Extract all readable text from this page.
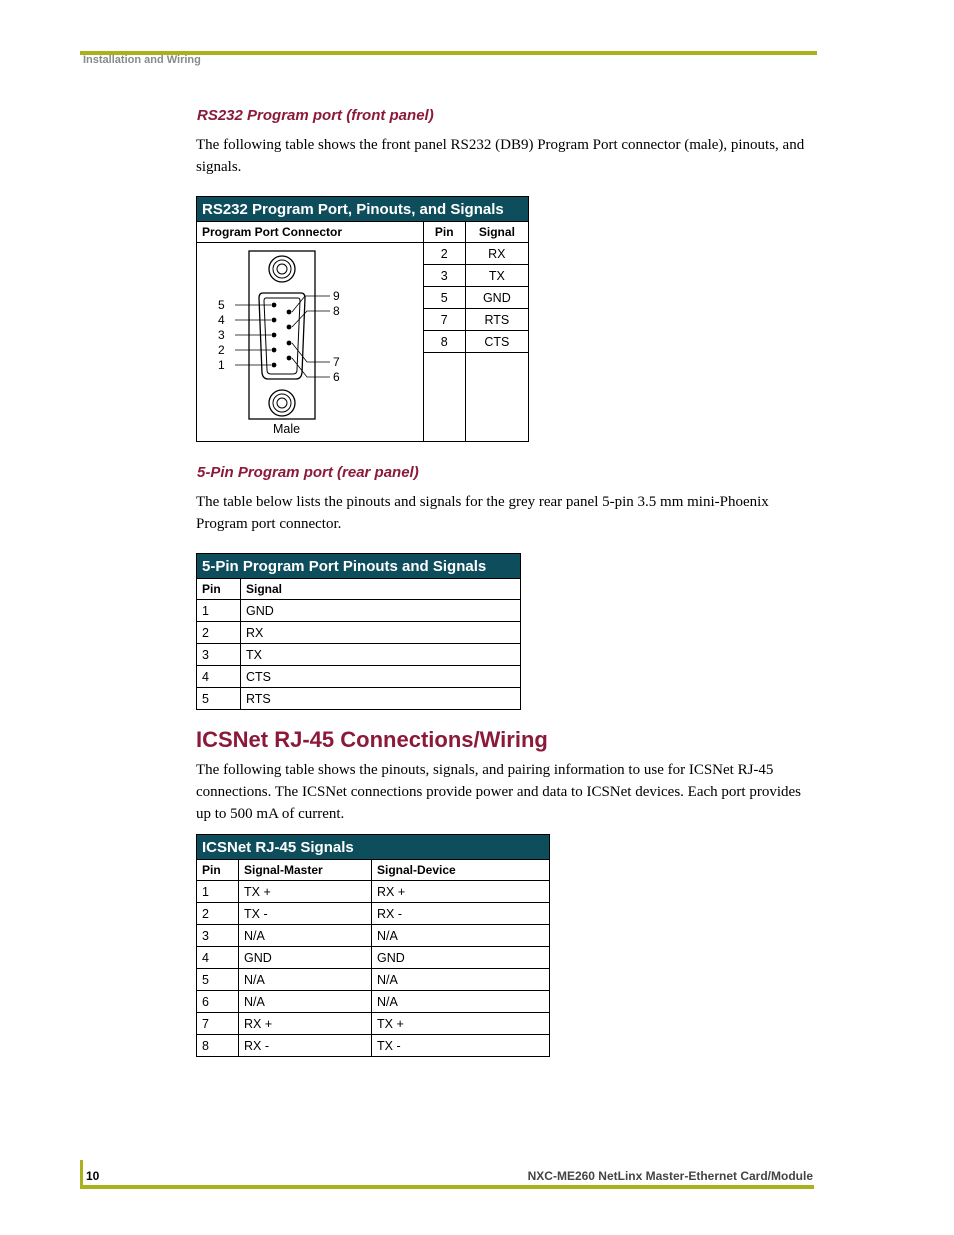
Installation and Wiring
RS232 Program port (front panel)
The following table shows the front panel RS232 (DB9) Program Port connector (male), pinouts, and signals.
RS232 Program Port, Pinouts, and Signals
Program Port Connector	Pin	Signal

5
4
3
2
1
9
8
7
6
Male

2	RX
3	TX
5	GND
7	RTS
8	CTS

5-Pin Program port (rear panel)
The table below lists the pinouts and signals for the grey rear panel 5-pin 3.5 mm mini-Phoenix Program port connector.
5-Pin Program Port Pinouts and Signals	
Pin	Signal
1	GND
2	RX
3	TX
4	CTS
5	RTS
ICSNet RJ-45 Connections/Wiring
The following table shows the pinouts, signals, and pairing information to use for ICSNet RJ-45 connections. The ICSNet connections provide power and data to ICSNet devices. Each port provides up to 500 mA of current.
ICSNet RJ-45 Signals		
Pin	Signal-Master	Signal-Device
1	TX +	RX +
2	TX -	RX -
3	N/A	N/A
4	GND	GND
5	N/A	N/A
6	N/A	N/A
7	RX +	TX +
8	RX -	TX -
10	NXC-ME260 NetLinx Master-Ethernet Card/Module
